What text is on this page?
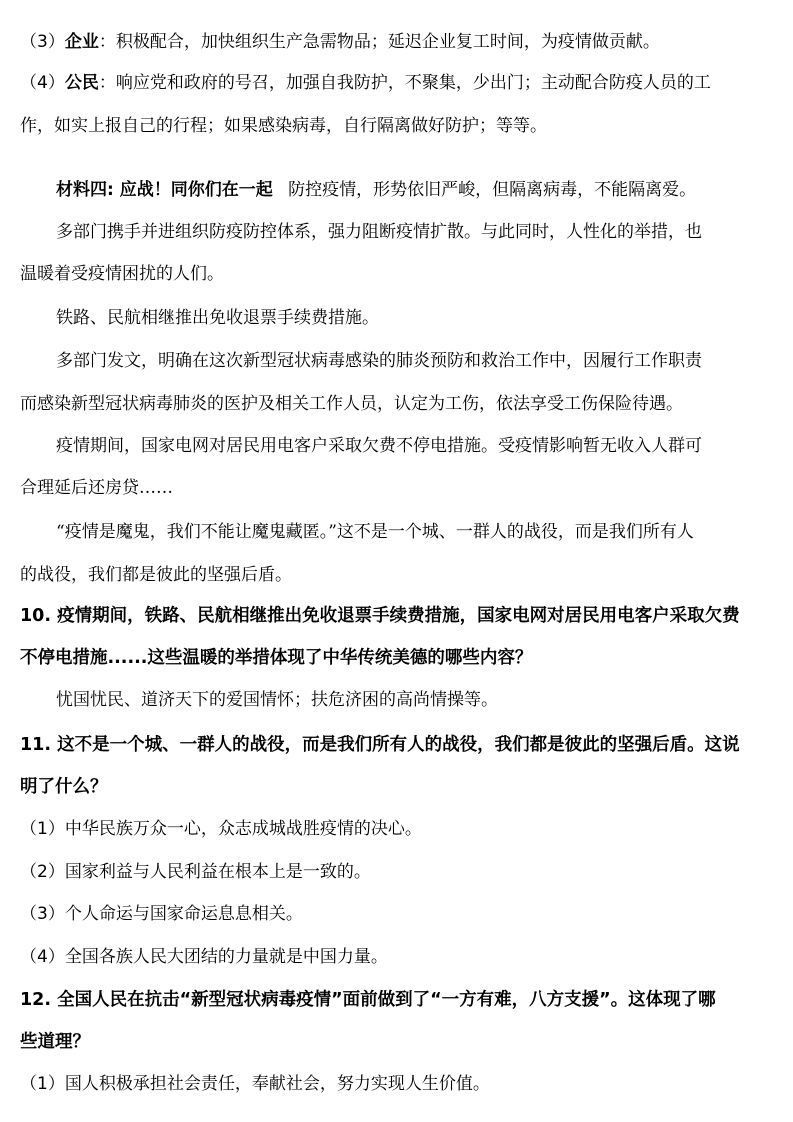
（3）企业：积极配合，加快组织生产急需物品；延迟企业复工时间，为疫情做贡献。
（4）公民：响应党和政府的号召，加强自我防护，不聚集，少出门；主动配合防疫人员的工
作，如实上报自己的行程；如果感染病毒，自行隔离做好防护；等等。
材料四: 应战！同你们在一起 防控疫情，形势依旧严峻，但隔离病毒，不能隔离爱。
多部门携手并进组织防疫防控体系，强力阻断疫情扩散。与此同时，人性化的举措，也
温暖着受疫情困扰的人们。
铁路、民航相继推出免收退票手续费措施。
多部门发文，明确在这次新型冠状病毒感染的肺炎预防和救治工作中，因履行工作职责
而感染新型冠状病毒肺炎的医护及相关工作人员，认定为工伤，依法享受工伤保险待遇。
疫情期间，国家电网对居民用电客户采取欠费不停电措施。受疫情影响暂无收入人群可
合理延后还房贷……
“疫情是魔鬼，我们不能让魔鬼藏匿。”这不是一个城、一群人的战役，而是我们所有人
的战役，我们都是彼此的坚强后盾。
10. 疫情期间，铁路、民航相继推出免收退票手续费措施，国家电网对居民用电客户采取欠费
不停电措施......这些温暖的举措体现了中华传统美德的哪些内容？
忧国忧民、道济天下的爱国情怀；扶危济困的高尚情操等。
11. 这不是一个城、一群人的战役，而是我们所有人的战役，我们都是彼此的坚强后盾。这说
明了什么？
（1）中华民族万众一心，众志成城战胜疫情的决心。
（2）国家利益与人民利益在根本上是一致的。
（3）个人命运与国家命运息息相关。
（4）全国各族人民大团结的力量就是中国力量。
12. 全国人民在抗击“新型冠状病毒疫情”面前做到了“一方有难，八方支援”。这体现了哪
些道理？
（1）国人积极承担社会责任，奉献社会，努力实现人生价值。
